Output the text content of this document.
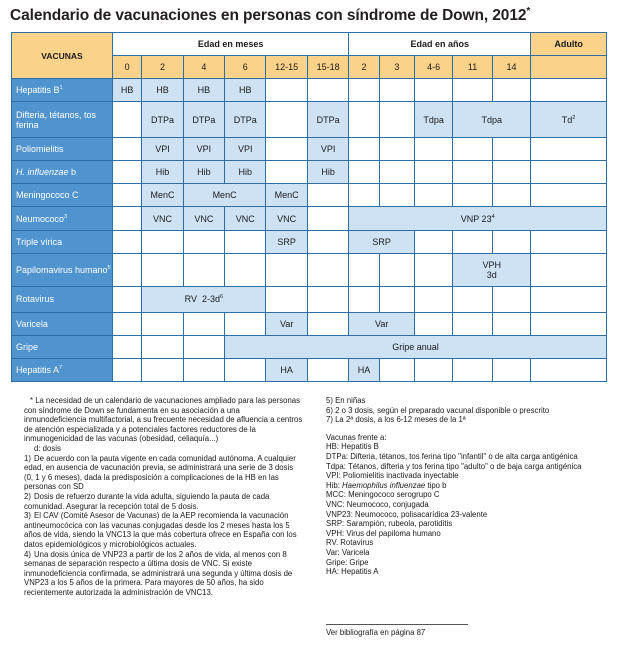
Calendario de vacunaciones en personas con síndrome de Down, 2012*
VACUNAS	Edad en meses						Edad en años					Adulto
	0	2	4	6	12-15	15-18	2	3	4-6	11	14	
Hepatitis $B^1$	HB	HB	HB	HB								
Difteria, tétanos, tos ferina		DTPa	DTPa	DTPa		DTPa			Tdpa	Tdpa		Td$^2$
Poliomielitis		VPI	VPI	VPI		VPI						
H. influenzae b		Hib	Hib	Hib		Hib						
Meningococo C		MenC	MenC		MenC							
Neumococo$^3$		VNC	VNC	VNC	VNC		VNP $23^4$
Triple vírica					SRP		SRP					
Papilomavirus humano$^5$										VPH
3d		
Rotavirus		RV  $2-3d^6$								
Varicela					Var		Var					
Gripe				Gripe anual								
Hepatitis $A^7$					HA		HA					

* La necesidad de un calendario de vacunaciones ampliado para las personas con síndrome de Down se fundamenta en su asociación a una inmunodeficiencia multifactorial, a su frecuente necesidad de afluencia a centros de atención especializada y a potenciales factores reductores de la inmunogenicidad de las vacunas (obesidad, celiaquía...)

d: dosis

1) De acuerdo con la pauta vigente en cada comunidad autónoma. A cualquier edad, en ausencia de vacunación previa, se administrará una serie de 3 dosis (0, 1 y 6 meses), dada la predisposición a complicaciones de la HB en las personas con SD

2) Dosis de refuerzo durante la vida adulta, siguiendo la pauta de cada comunidad. Asegurar la recepción total de 5 dosis.

3) El CAV (Comité Asesor de Vacunas) de la AEP recomienda la vacunación antineumocócica con las vacunas conjugadas desde los 2 meses hasta los 5 años de vida, siendo la VNC13 la que más cobertura ofrece en España con los datos epidemiológicos y microbiológicos actuales.

4) Una dosis única de VNP23 a partir de los 2 años de vida, al menos con 8 semanas de separación respecto a última dosis de VNC. Si existe inmunodeficiencia confirmada, se administrará una segunda y última dosis de VNP23 a los 5 años de la primera. Para mayores de 50 años, ha sido recientemente autorizada la administración de VNC13.

5) En niñas

6) 2 o 3 dosis, según el preparado vacunal disponible o prescrito

7) La 2ª dosis, a los 6-12 meses de la 1ª

Vacunas frente a:

HB: Hepatitis B

DTPa: Difteria, tétanos, tos ferina tipo "infantil" o de alta carga antigénica

Tdpa: Tétanos, difteria y tos ferina tipo "adulto" o de baja carga antigénica

VPI: Poliomielitis inactivada inyectable

Hib: Haemophilus influenzae tipo b

MCC: Meningococo serogrupo C

VNC: Neumococo, conjugada

VNP23: Neumococo, polisacarídica 23-valente

SRP: Sarampión, rubeola, parotiditis

VPH: Virus del papiloma humano

RV. Rotavirus

Var: Varicela

Gripe: Gripe

HA: Hepatitis A

Ver bibliografía en página 87
